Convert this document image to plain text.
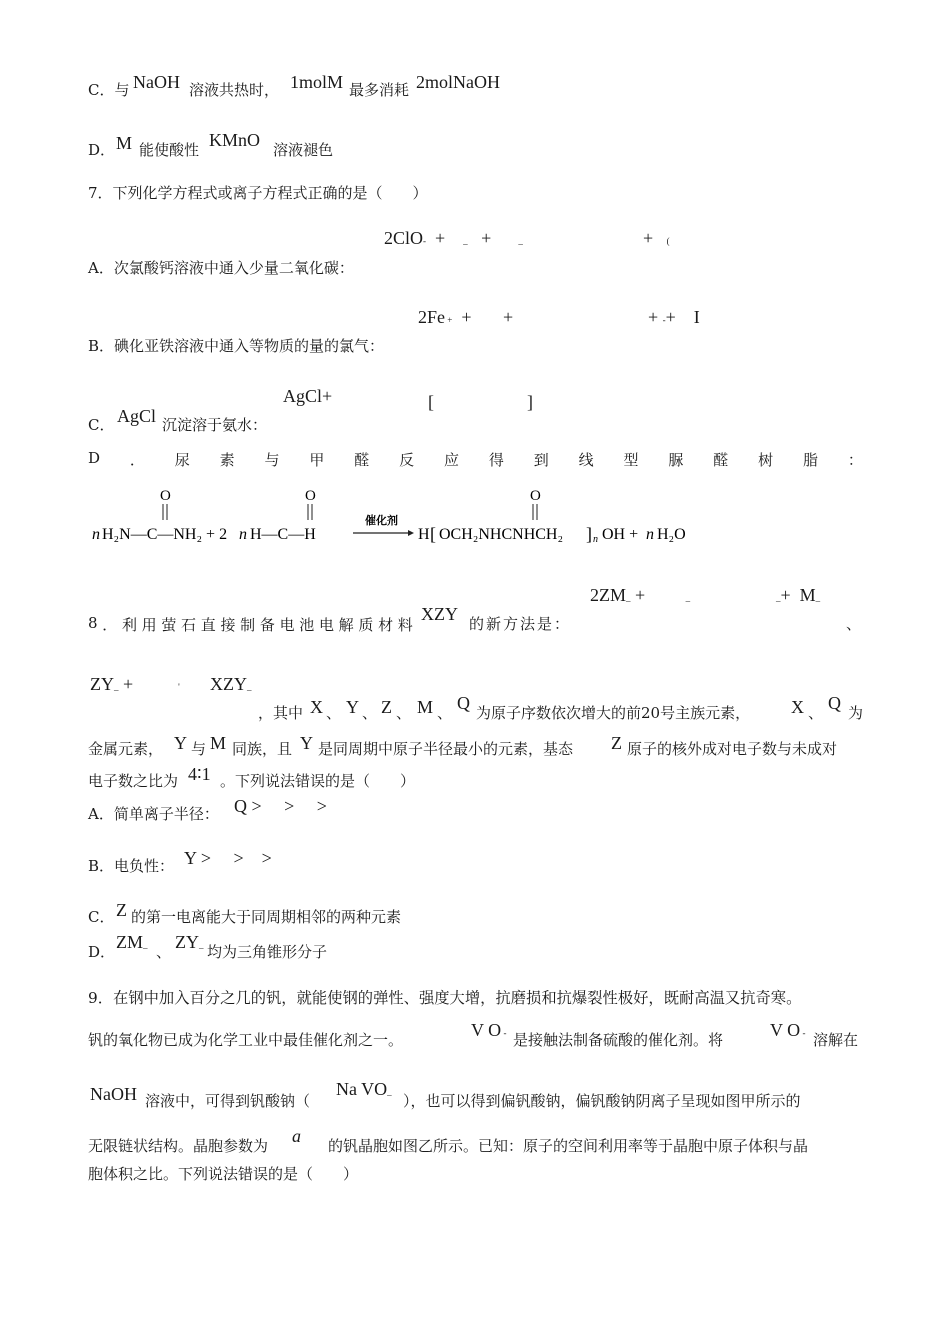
C．与 NaOH 溶液共热时， 1molM 最多消耗 2molNaOH
D． M 能使酸性 KMnO 溶液褪色
7．下列化学方程式或离子方程式正确的是（　　）
2ClO-  +    _   +      _	+   (
A．次氯酸钙溶液中通入少量二氧化碳：
2Fe +  +       +	+ -+    I
B．碘化亚铁溶液中通入等物质的量的氯气：
AgCl+	[	]
C． AgCl 沉淀溶于氨水：
D ． 尿 素 与 甲 醛 反 应 得 到 线 型 脲 醛 树 脂 ：
O
n H₂N—C—NH₂ + 2 n H—C—H
O
催化剂
H [ OCH₂NHCNHCH₂
O
] n OH + n H₂O
2ZM_ +         _	_+  M_
8 ． 利 用 萤 石 直 接 制 备 电 池 电 解 质 材 料
XZY 的新方法是：	、
ZY_ +          ' XZY_
，其中 X 、 Y 、 Z 、 M 、 Q 为原子序数依次增大的前20号主族元素， X 、 Q 为
金属元素， Y 与 M 同族，且 Y 是同周期中原子半径最小的元素，基态 Z 原子的核外成对电子数与未成对
电子数之比为 4∶1 。下列说法错误的是（　　）
A．简单离子半径： Q >     >     >
B．电负性： Y >     >    >
C． Z 的第一电离能大于同周期相邻的两种元素
D． ZM_ 、 ZY_ 均为三角锥形分子
9．在钢中加入百分之几的钒，就能使钢的弹性、强度大增，抗磨损和抗爆裂性极好，既耐高温又抗奇寒。
钒的氧化物已成为化学工业中最佳催化剂之一。	V O - 是接触法制备硫酸的催化剂。将	V O - 溶解在
NaOH 溶液中，可得到钒酸钠（
Na VO_ ），也可以得到偏钒酸钠，偏钒酸钠阴离子呈现如图甲所示的
无限链状结构。晶胞参数为 a 的钒晶胞如图乙所示。已知：原子的空间利用率等于晶胞中原子体积与晶
胞体积之比。下列说法错误的是（　　）
